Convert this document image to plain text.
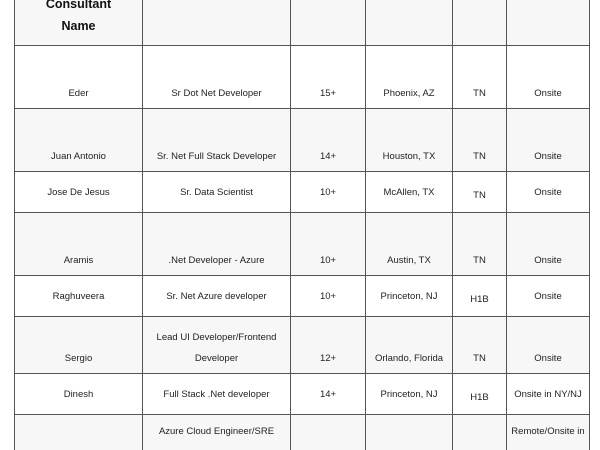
Consultant
Name

Eder	Sr Dot Net Developer	15+	Phoenix, AZ	TN	Onsite
Juan Antonio	Sr. Net Full Stack Developer	14+	Houston, TX	TN	Onsite
Jose De Jesus	Sr. Data Scientist	10+	McAllen, TX	TN	Onsite
Aramis	.Net Developer - Azure	10+	Austin, TX	TN	Onsite
Raghuveera	Sr. Net Azure developer	10+	Princeton, NJ	H1B	Onsite
Sergio	Lead UI Developer/Frontend Developer	12+	Orlando, Florida	TN	Onsite
Dinesh	Full Stack .Net developer	14+	Princeton, NJ	H1B	Onsite in NY/NJ
	Azure Cloud Engineer/SRE				Remote/Onsite in
